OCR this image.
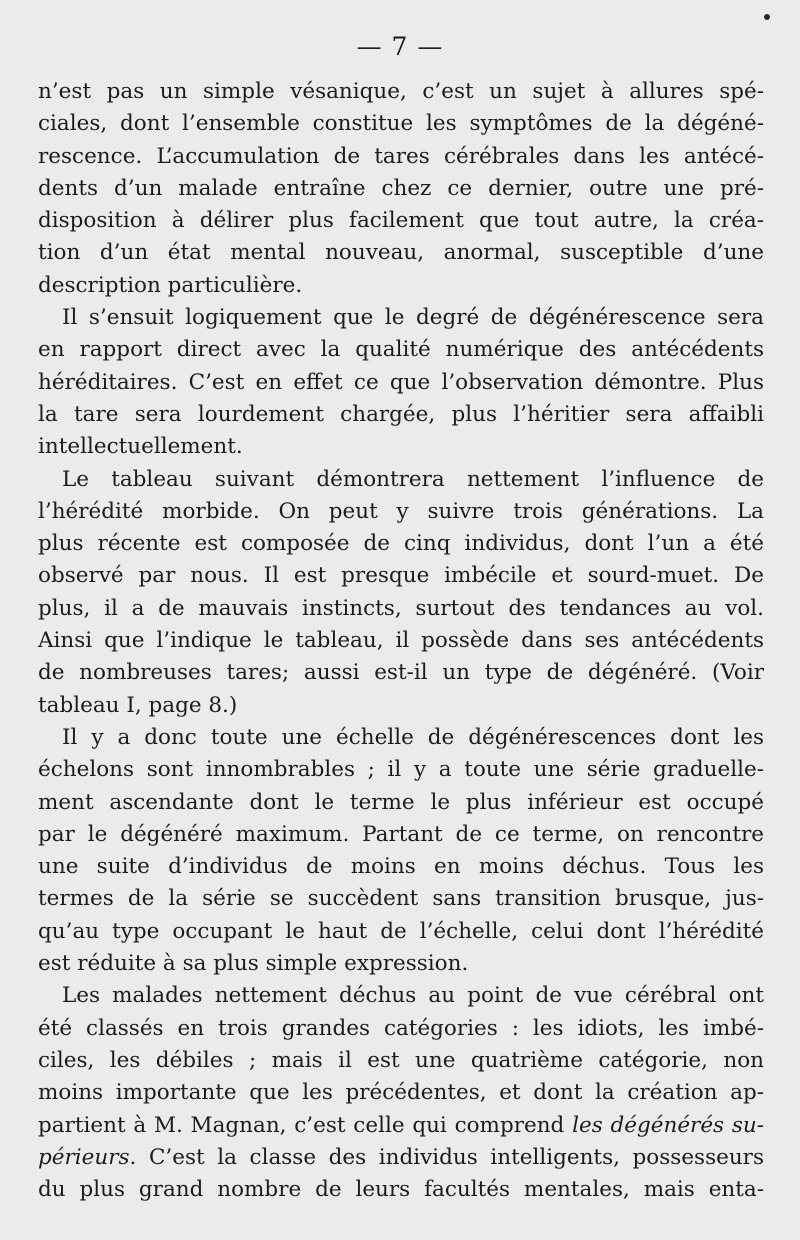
— 7 —
n’est pas un simple vésanique, c’est un sujet à allures spé-
ciales, dont l’ensemble constitue les symptômes de la dégéné-
rescence. L’accumulation de tares cérébrales dans les antécé-
dents d’un malade entraîne chez ce dernier, outre une pré-
disposition à délirer plus facilement que tout autre, la créa-
tion d’un état mental nouveau, anormal, susceptible d’une
description particulière.
Il s’ensuit logiquement que le degré de dégénérescence sera
en rapport direct avec la qualité numérique des antécédents
héréditaires. C’est en effet ce que l’observation démontre. Plus
la tare sera lourdement chargée, plus l’héritier sera affaibli
intellectuellement.
Le tableau suivant démontrera nettement l’influence de
l’hérédité morbide. On peut y suivre trois générations. La
plus récente est composée de cinq individus, dont l’un a été
observé par nous. Il est presque imbécile et sourd-muet. De
plus, il a de mauvais instincts, surtout des tendances au vol.
Ainsi que l’indique le tableau, il possède dans ses antécédents
de nombreuses tares; aussi est-il un type de dégénéré. (Voir
tableau I, page 8.)
Il y a donc toute une échelle de dégénérescences dont les
échelons sont innombrables ; il y a toute une série graduelle-
ment ascendante dont le terme le plus inférieur est occupé
par le dégénéré maximum. Partant de ce terme, on rencontre
une suite d’individus de moins en moins déchus. Tous les
termes de la série se succèdent sans transition brusque, jus-
qu’au type occupant le haut de l’échelle, celui dont l’hérédité
est réduite à sa plus simple expression.
Les malades nettement déchus au point de vue cérébral ont
été classés en trois grandes catégories : les idiots, les imbé-
ciles, les débiles ; mais il est une quatrième catégorie, non
moins importante que les précédentes, et dont la création ap-
partient à M. Magnan, c’est celle qui comprend les dégénérés su-
périeurs. C’est la classe des individus intelligents, possesseurs
du plus grand nombre de leurs facultés mentales, mais enta-
